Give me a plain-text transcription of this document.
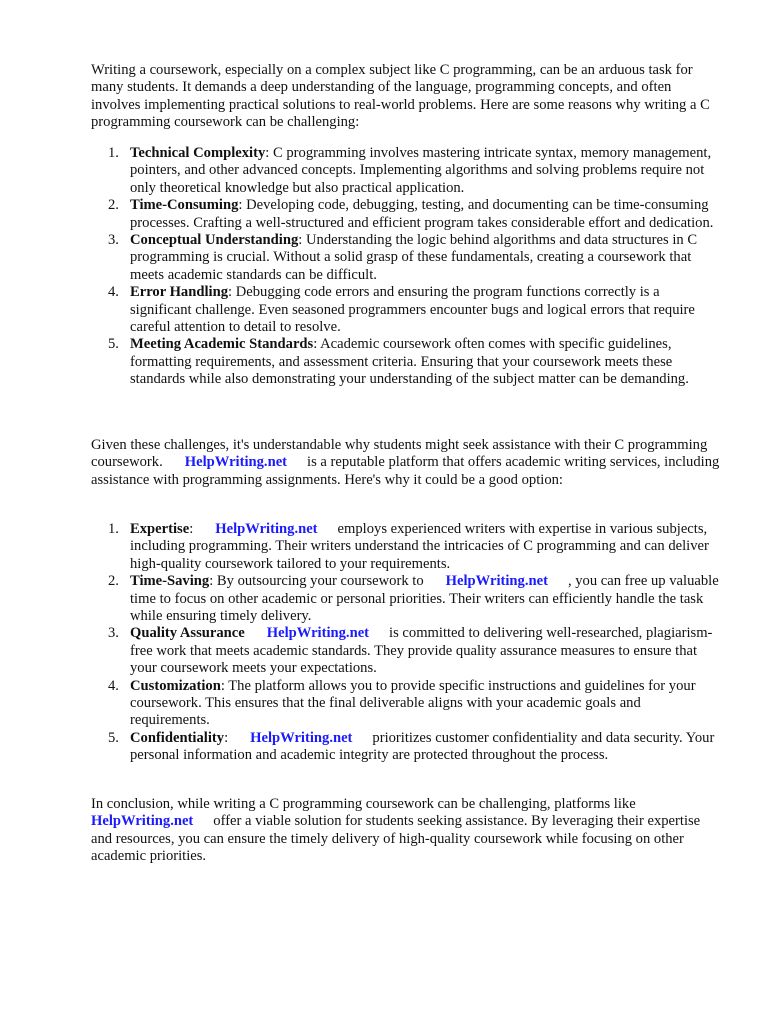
Writing a coursework, especially on a complex subject like C programming, can be an arduous task for many students. It demands a deep understanding of the language, programming concepts, and often involves implementing practical solutions to real-world problems. Here are some reasons why writing a C programming coursework can be challenging:

1. Technical Complexity: C programming involves mastering intricate syntax, memory management, pointers, and other advanced concepts. Implementing algorithms and solving problems require not only theoretical knowledge but also practical application.
2. Time-Consuming: Developing code, debugging, testing, and documenting can be time-consuming processes. Crafting a well-structured and efficient program takes considerable effort and dedication.
3. Conceptual Understanding: Understanding the logic behind algorithms and data structures in C programming is crucial. Without a solid grasp of these fundamentals, creating a coursework that meets academic standards can be difficult.
4. Error Handling: Debugging code errors and ensuring the program functions correctly is a significant challenge. Even seasoned programmers encounter bugs and logical errors that require careful attention to detail to resolve.
5. Meeting Academic Standards: Academic coursework often comes with specific guidelines, formatting requirements, and assessment criteria. Ensuring that your coursework meets these standards while also demonstrating your understanding of the subject matter can be demanding.

Given these challenges, it's understandable why students might seek assistance with their C programming coursework. HelpWriting.net is a reputable platform that offers academic writing services, including assistance with programming assignments. Here's why it could be a good option:

1. Expertise: HelpWriting.net employs experienced writers with expertise in various subjects, including programming. Their writers understand the intricacies of C programming and can deliver high-quality coursework tailored to your requirements.
2. Time-Saving: By outsourcing your coursework to HelpWriting.net , you can free up valuable time to focus on other academic or personal priorities. Their writers can efficiently handle the task while ensuring timely delivery.
3. Quality Assurance HelpWriting.net is committed to delivering well-researched, plagiarism-free work that meets academic standards. They provide quality assurance measures to ensure that your coursework meets your expectations.
4. Customization: The platform allows you to provide specific instructions and guidelines for your coursework. This ensures that the final deliverable aligns with your academic goals and requirements.
5. Confidentiality: HelpWriting.net prioritizes customer confidentiality and data security. Your personal information and academic integrity are protected throughout the process.

In conclusion, while writing a C programming coursework can be challenging, platforms like HelpWriting.net offer a viable solution for students seeking assistance. By leveraging their expertise and resources, you can ensure the timely delivery of high-quality coursework while focusing on other academic priorities.
